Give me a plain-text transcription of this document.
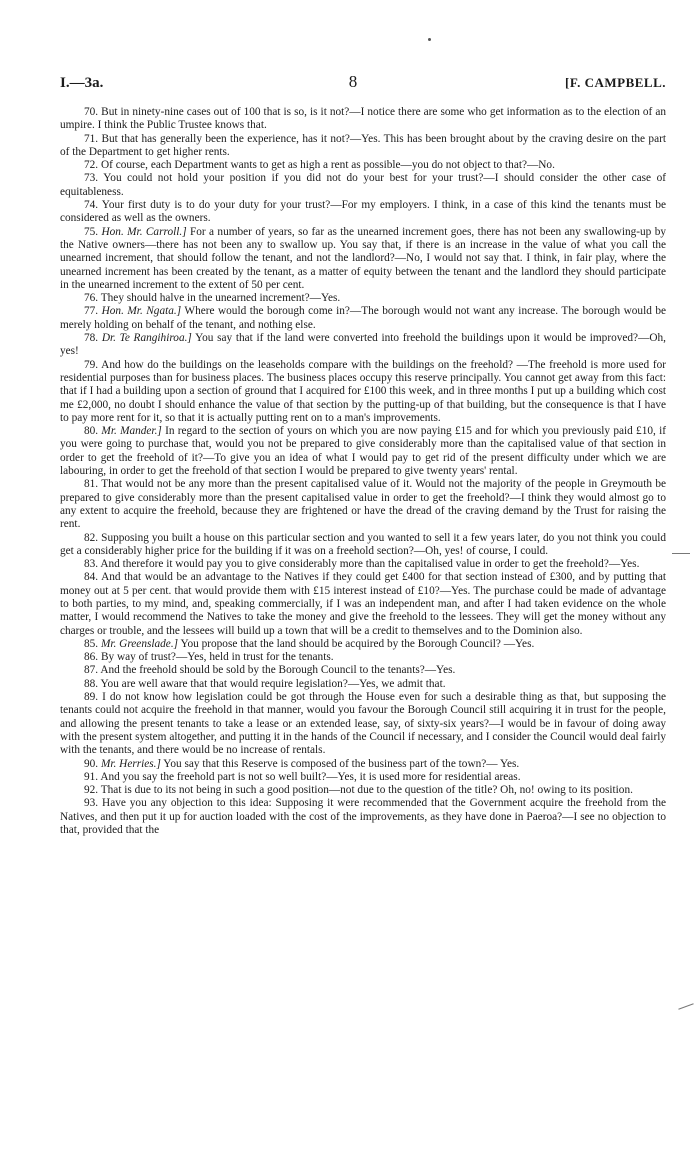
I.—3a.	8	[F. CAMPBELL.

70. But in ninety-nine cases out of 100 that is so, is it not?—I notice there are some who get information as to the election of an umpire. I think the Public Trustee knows that.

71. But that has generally been the experience, has it not?—Yes. This has been brought about by the craving desire on the part of the Department to get higher rents.

72. Of course, each Department wants to get as high a rent as possible—you do not object to that?—No.

73. You could not hold your position if you did not do your best for your trust?—I should consider the other case of equitableness.

74. Your first duty is to do your duty for your trust?—For my employers. I think, in a case of this kind the tenants must be considered as well as the owners.

75. Hon. Mr. Carroll.] For a number of years, so far as the unearned increment goes, there has not been any swallowing-up by the Native owners—there has not been any to swallow up. You say that, if there is an increase in the value of what you call the unearned increment, that should follow the tenant, and not the landlord?—No, I would not say that. I think, in fair play, where the unearned increment has been created by the tenant, as a matter of equity between the tenant and the landlord they should participate in the unearned increment to the extent of 50 per cent.

76. They should halve in the unearned increment?—Yes.

77. Hon. Mr. Ngata.] Where would the borough come in?—The borough would not want any increase. The borough would be merely holding on behalf of the tenant, and nothing else.

78. Dr. Te Rangihiroa.] You say that if the land were converted into freehold the buildings upon it would be improved?—Oh, yes!

79. And how do the buildings on the leaseholds compare with the buildings on the freehold? —The freehold is more used for residential purposes than for business places. The business places occupy this reserve principally. You cannot get away from this fact: that if I had a building upon a section of ground that I acquired for £100 this week, and in three months I put up a building which cost me £2,000, no doubt I should enhance the value of that section by the putting-up of that building, but the consequence is that I have to pay more rent for it, so that it is actually putting rent on to a man's improvements.

80. Mr. Mander.] In regard to the section of yours on which you are now paying £15 and for which you previously paid £10, if you were going to purchase that, would you not be prepared to give considerably more than the capitalised value of that section in order to get the freehold of it?—To give you an idea of what I would pay to get rid of the present difficulty under which we are labouring, in order to get the freehold of that section I would be prepared to give twenty years' rental.

81. That would not be any more than the present capitalised value of it. Would not the majority of the people in Greymouth be prepared to give considerably more than the present capitalised value in order to get the freehold?—I think they would almost go to any extent to acquire the freehold, because they are frightened or have the dread of the craving demand by the Trust for raising the rent.

82. Supposing you built a house on this particular section and you wanted to sell it a few years later, do you not think you could get a considerably higher price for the building if it was on a freehold section?—Oh, yes! of course, I could.

83. And therefore it would pay you to give considerably more than the capitalised value in order to get the freehold?—Yes.

84. And that would be an advantage to the Natives if they could get £400 for that section instead of £300, and by putting that money out at 5 per cent. that would provide them with £15 interest instead of £10?—Yes. The purchase could be made of advantage to both parties, to my mind, and, speaking commercially, if I was an independent man, and after I had taken evidence on the whole matter, I would recommend the Natives to take the money and give the freehold to the lessees. They will get the money without any charges or trouble, and the lessees will build up a town that will be a credit to themselves and to the Dominion also.

85. Mr. Greenslade.] You propose that the land should be acquired by the Borough Council? —Yes.

86. By way of trust?—Yes, held in trust for the tenants.

87. And the freehold should be sold by the Borough Council to the tenants?—Yes.

88. You are well aware that that would require legislation?—Yes, we admit that.

89. I do not know how legislation could be got through the House even for such a desirable thing as that, but supposing the tenants could not acquire the freehold in that manner, would you favour the Borough Council still acquiring it in trust for the people, and allowing the present tenants to take a lease or an extended lease, say, of sixty-six years?—I would be in favour of doing away with the present system altogether, and putting it in the hands of the Council if necessary, and I consider the Council would deal fairly with the tenants, and there would be no increase of rentals.

90. Mr. Herries.] You say that this Reserve is composed of the business part of the town?— Yes.

91. And you say the freehold part is not so well built?—Yes, it is used more for residential areas.

92. That is due to its not being in such a good position—not due to the question of the title? Oh, no! owing to its position.

93. Have you any objection to this idea: Supposing it were recommended that the Government acquire the freehold from the Natives, and then put it up for auction loaded with the cost of the improvements, as they have done in Paeroa?—I see no objection to that, provided that the
